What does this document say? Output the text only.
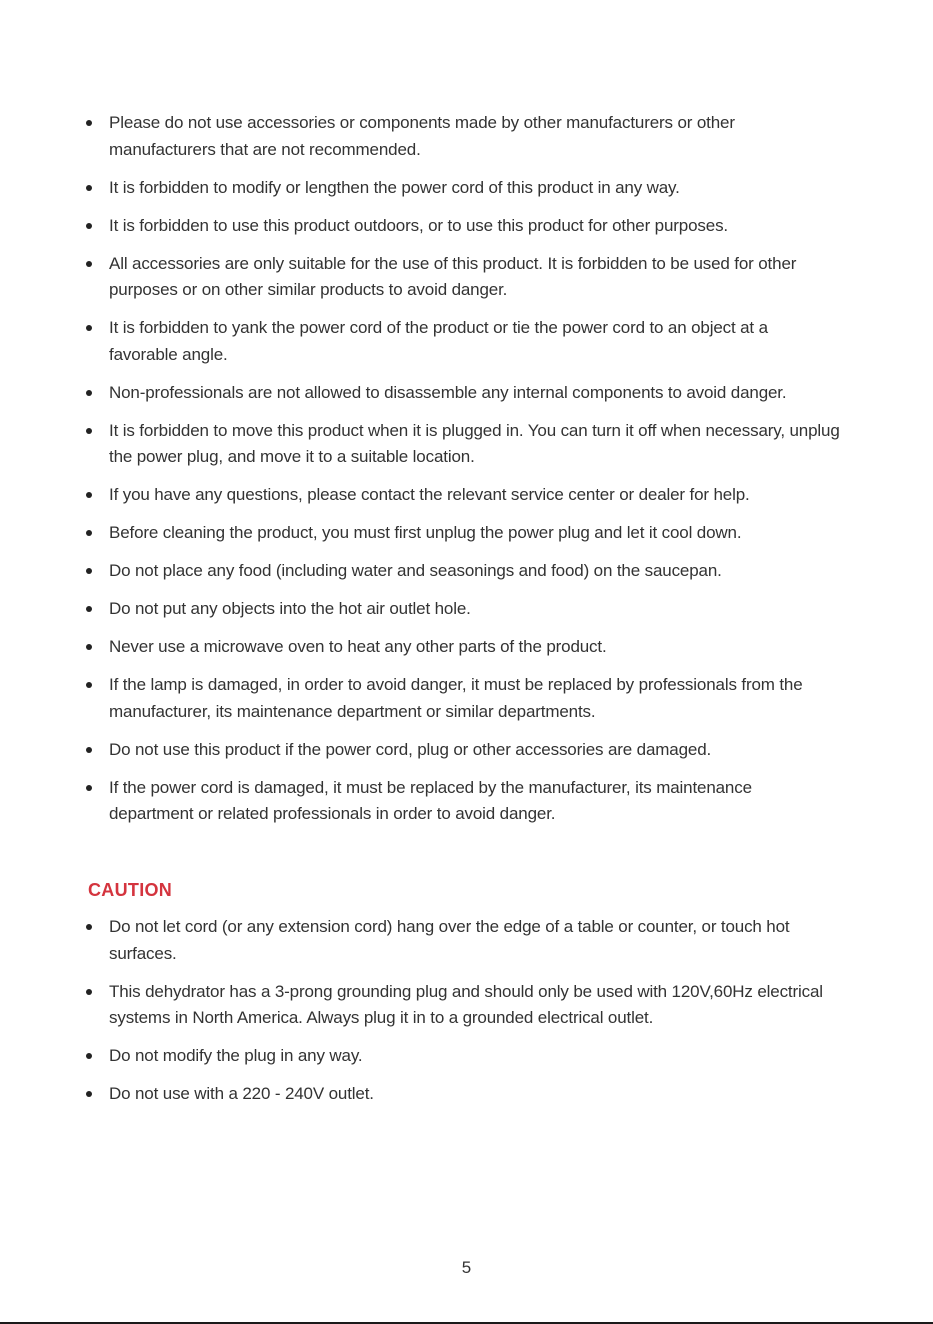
Please do not use accessories or components made by other manufacturers or other manufacturers that are not recommended.
It is forbidden to modify or lengthen the power cord of this product in any way.
It is forbidden to use this product outdoors, or to use this product for other purposes.
All accessories are only suitable for the use of this product. It is forbidden to be used for other purposes or on other similar products to avoid danger.
It is forbidden to yank the power cord of the product or tie the power cord to an object at a favorable angle.
Non-professionals are not allowed to disassemble any internal components to avoid danger.
It is forbidden to move this product when it is plugged in. You can turn it off when necessary, unplug the power plug, and move it to a suitable location.
If you have any questions, please contact the relevant service center or dealer for help.
Before cleaning the product, you must first unplug the power plug and let it cool down.
Do not place any food (including water and seasonings and food) on the saucepan.
Do not put any objects into the hot air outlet hole.
Never use a microwave oven to heat any other parts of the product.
If the lamp is damaged, in order to avoid danger, it must be replaced by professionals from the manufacturer, its maintenance department or similar departments.
Do not use this product if the power cord, plug or other accessories are damaged.
If the power cord is damaged, it must be replaced by the manufacturer, its maintenance department or related professionals in order to avoid danger.
CAUTION
Do not let cord (or any extension cord) hang over the edge of a table or counter, or touch hot surfaces.
This dehydrator has a 3-prong grounding plug and should only be used with 120V,60Hz electrical systems in North America. Always plug it in to a grounded electrical outlet.
Do not modify the plug in any way.
Do not use with a 220 - 240V outlet.
5
